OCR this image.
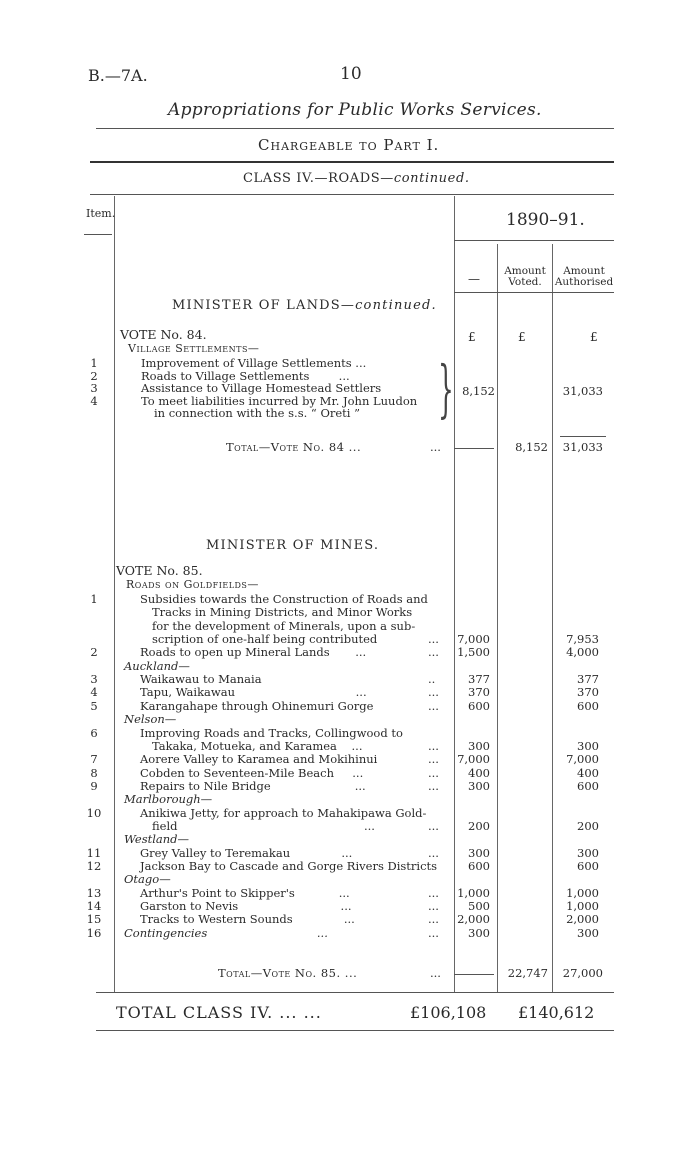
B.—7A.	10
Appropriations for Public Works Services.
Chargeable to Part I.
CLASS IV.—ROADS—continued.
Item.	1890–91.
—
Amount Voted.
Amount Authorised
MINISTER OF LANDS—continued.
£	£	£
VOTE No. 84.
Village Settlements—
1	Improvement of Village Settlements ...
2	Roads to Village Settlements        ...
3	Assistance to Village Homestead Settlers
4	To meet liabilities incurred by Mr. John Luudon
in connection with the s.s. “ Oreti ” } 8,152	31,033
Total—Vote No. 84 ...	...	8,152	31,033
MINISTER OF MINES.
VOTE No. 85.
Roads on Goldfields—
1	Subsidies towards the Construction of Roads and
Tracks in Mining Districts, and Minor Works
for the development of Minerals, upon a sub-
scription of one-half being contributed	... 7,000	7,953
2	Roads to open up Mineral Lands       ...	... 1,500	4,000
Auckland—
3	Waikawau to Manaia	..	377	377
4	Tapu, Waikawau                                 ...	...	370	370
5	Karangahape through Ohinemuri Gorge	...	600	600
Nelson—
6	Improving Roads and Tracks, Collingwood to
Takaka, Motueka, and Karamea    ...	...	300	300
7	Aorere Valley to Karamea and Mokihinui	... 7,000	7,000
8	Cobden to Seventeen-Mile Beach     ...	...	400	400
9	Repairs to Nile Bridge                       ...	...	300	600
Marlborough—
10	Anikiwa Jetty, for approach to Mahakipawa Gold-
field                                                   ...	...	200	200
Westland—
11	Grey Valley to Teremakau              ...	...	300	300
12	Jackson Bay to Cascade and Gorge Rivers Districts	600	600
Otago—
13	Arthur's Point to Skipper's            ...	... 1,000	1,000
14	Garston to Nevis                            ...	...	500	1,000
15	Tracks to Western Sounds              ...	... 2,000	2,000
16 Contingencies                              ...	...	300	300
Total—Vote No. 85. ...	...	22,747	27,000
TOTAL CLASS IV. ... ...	£106,108 £140,612
